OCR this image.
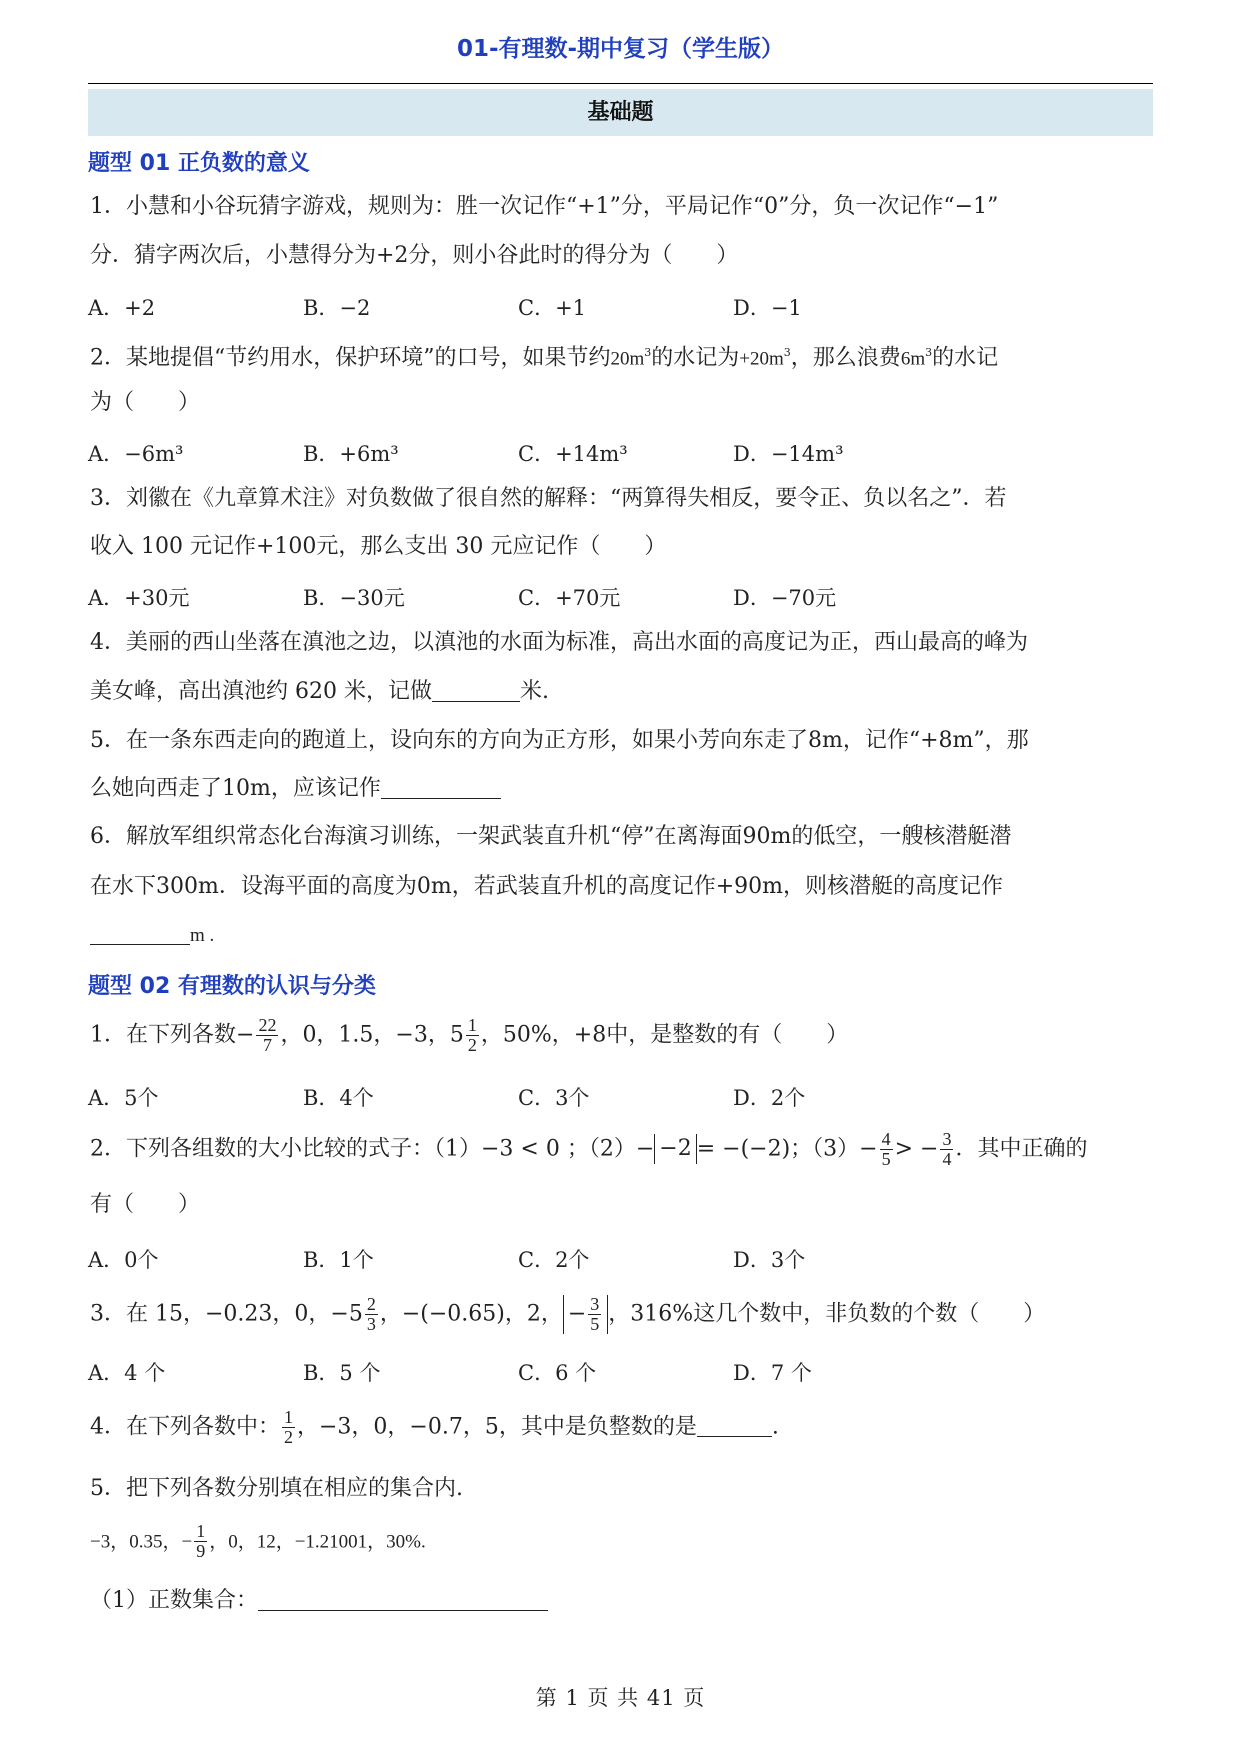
01-有理数-期中复习（学生版）
基础题
题型 01 正负数的意义
1．小慧和小谷玩猜字游戏，规则为：胜一次记作“+1”分，平局记作“0”分，负一次记作“−1”
分．猜字两次后，小慧得分为+2分，则小谷此时的得分为（　　）
A．+2	B．−2	C．+1	D．−1
2．某地提倡“节约用水，保护环境”的口号，如果节约$20m^3$的水记为$+20m^3$，那么浪费$6m^3$的水记
为（　　）
A．−6m³	B．+6m³	C．+14m³	D．−14m³
3．刘徽在《九章算术注》对负数做了很自然的解释：“两算得失相反，要令正、负以名之”．若
收入 100 元记作+100元，那么支出 30 元应记作（　　）
A．+30元	B．−30元	C．+70元	D．−70元
4．美丽的西山坐落在滇池之边，以滇池的水面为标准，高出水面的高度记为正，西山最高的峰为
美女峰，高出滇池约 620 米，记做	米.
5．在一条东西走向的跑道上，设向东的方向为正方形，如果小芳向东走了8m，记作“+8m”，那
么她向西走了10m，应该记作
6．解放军组织常态化台海演习训练，一架武装直升机“停”在离海面90m的低空，一艘核潜艇潜
在水下300m．设海平面的高度为0m，若武装直升机的高度记作+90m，则核潜艇的高度记作
m .
题型 02 有理数的认识与分类
1．在下列各数− $\frac{22}{7}$ ，0，1.5，−3，$5 \frac{1}{2}$ ，50%，+8中，是整数的有（　　）
A．5个	B．4个	C．3个	D．2个
2．下列各组数的大小比较的式子：（1）−3 < 0 ；（2）− −2 = −(−2)；$(3)- \frac{4}{5}$ > − $\frac{3}{4}$ ．其中正确的
有（　　）
A．0个	B．1个	C．2个	D．3个
3．在 15，−0.23，0，$-5 \frac{2}{3}$ ，−(−0.65)，2， − $\frac{3}{5}$ ，316%这几个数中，非负数的个数（　　）
A．4 个	B．5 个	C．6 个	D．7 个
4．在下列各数中： $\frac{1}{2}$ ，−3，0，−0.7，5，其中是负整数的是	.
5．把下列各数分别填在相应的集合内.
−3，0.35，− $\frac{1}{9}$ ，0，12，−1.21001，30%.
（1）正数集合：
第 1 页 共 41 页
